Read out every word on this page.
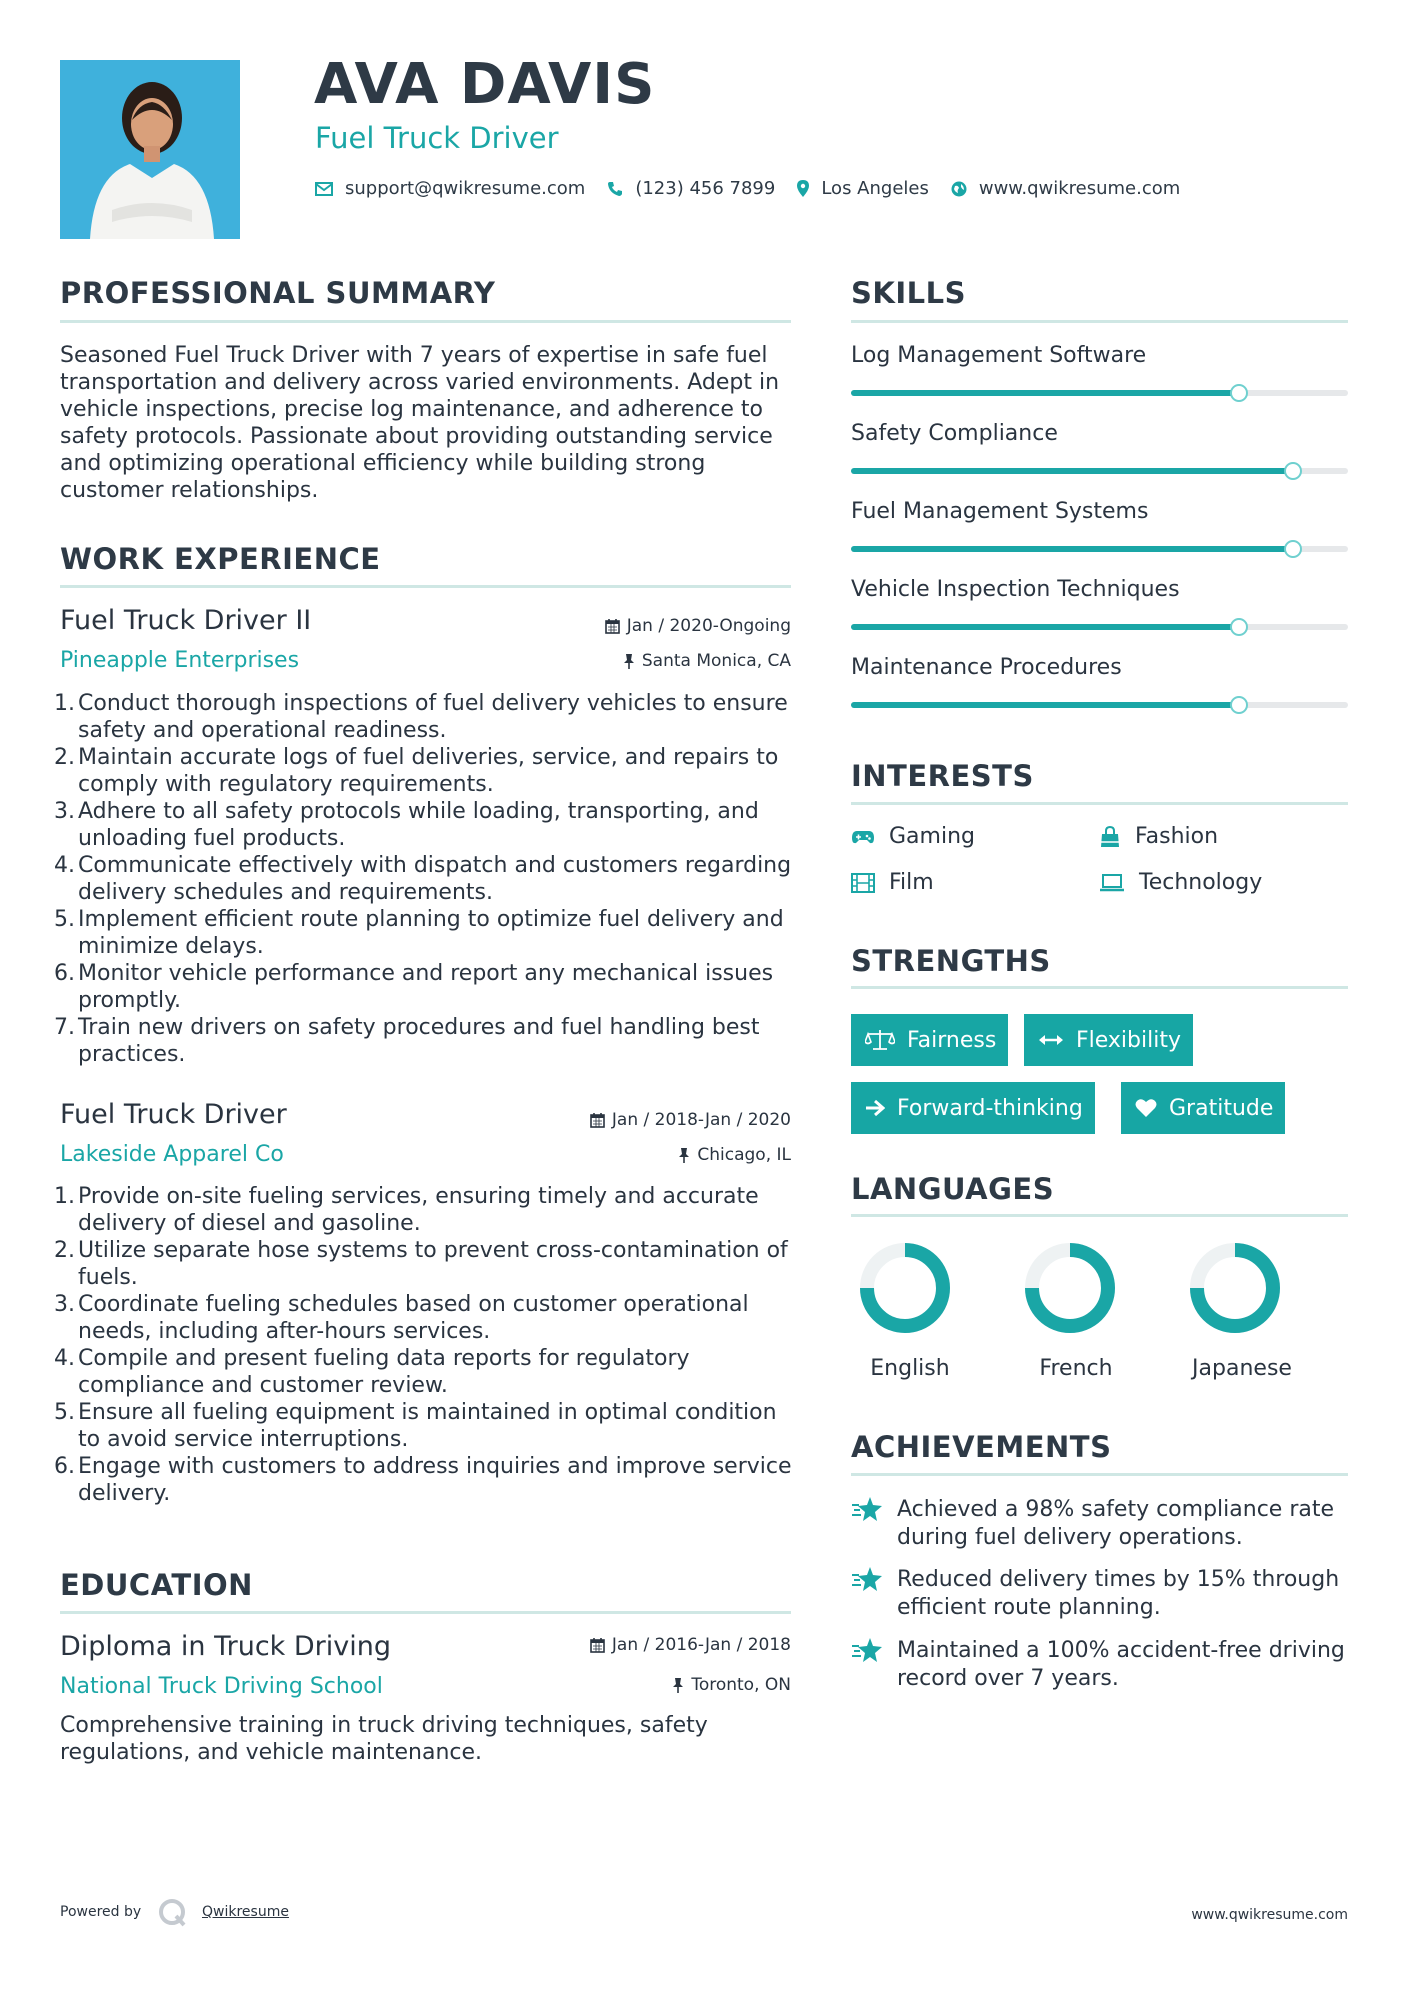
AVA DAVIS
Fuel Truck Driver
support@qwikresume.com	(123) 456 7899	Los Angeles	www.qwikresume.com
PROFESSIONAL SUMMARY
Seasoned Fuel Truck Driver with 7 years of expertise in safe fuel transportation and delivery across varied environments. Adept in vehicle inspections, precise log maintenance, and adherence to safety protocols. Passionate about providing outstanding service and optimizing operational efficiency while building strong customer relationships.
WORK EXPERIENCE
Fuel Truck Driver II	Jan / 2020-Ongoing
Pineapple Enterprises	Santa Monica, CA
1. Conduct thorough inspections of fuel delivery vehicles to ensure safety and operational readiness.
2. Maintain accurate logs of fuel deliveries, service, and repairs to comply with regulatory requirements.
3. Adhere to all safety protocols while loading, transporting, and unloading fuel products.
4. Communicate effectively with dispatch and customers regarding delivery schedules and requirements.
5. Implement efficient route planning to optimize fuel delivery and minimize delays.
6. Monitor vehicle performance and report any mechanical issues promptly.
7. Train new drivers on safety procedures and fuel handling best practices.
Fuel Truck Driver	Jan / 2018-Jan / 2020
Lakeside Apparel Co	Chicago, IL
1. Provide on-site fueling services, ensuring timely and accurate delivery of diesel and gasoline.
2. Utilize separate hose systems to prevent cross-contamination of fuels.
3. Coordinate fueling schedules based on customer operational needs, including after-hours services.
4. Compile and present fueling data reports for regulatory compliance and customer review.
5. Ensure all fueling equipment is maintained in optimal condition to avoid service interruptions.
6. Engage with customers to address inquiries and improve service delivery.
EDUCATION
Diploma in Truck Driving	Jan / 2016-Jan / 2018
National Truck Driving School	Toronto, ON
Comprehensive training in truck driving techniques, safety regulations, and vehicle maintenance.
SKILLS
Log Management Software
Safety Compliance
Fuel Management Systems
Vehicle Inspection Techniques
Maintenance Procedures
INTERESTS
Gaming	Fashion
Film	Technology
STRENGTHS
Fairness	Flexibility
Forward-thinking	Gratitude
LANGUAGES
English	French	Japanese
ACHIEVEMENTS
Achieved a 98% safety compliance rate during fuel delivery operations.
Reduced delivery times by 15% through efficient route planning.
Maintained a 100% accident-free driving record over 7 years.
Powered by	Qwikresume	www.qwikresume.com
